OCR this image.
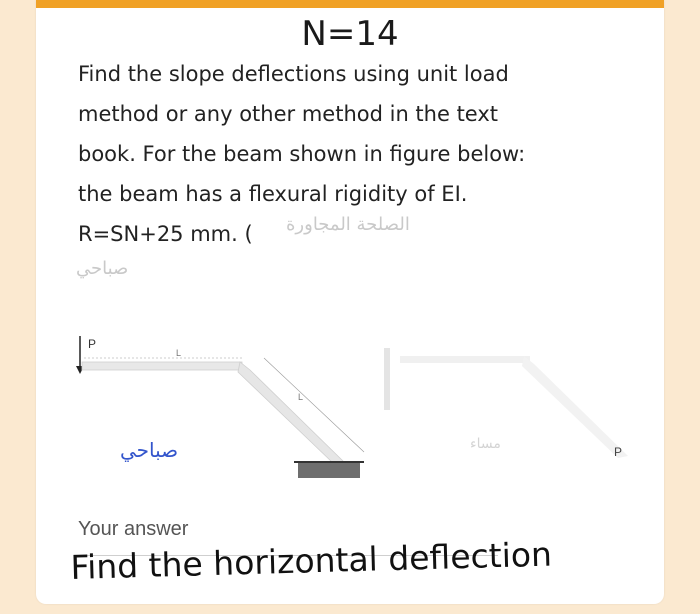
N=14
Find the slope deflections using unit load
method or any other method in the text
book. For the beam shown in figure below:
the beam has a flexural rigidity of EI.
R=SN+25 mm. (	الصلحة المجاورة
صباحي
P
L
L
P
مساء
صباحي
Your answer
Find the horizontal deflection
